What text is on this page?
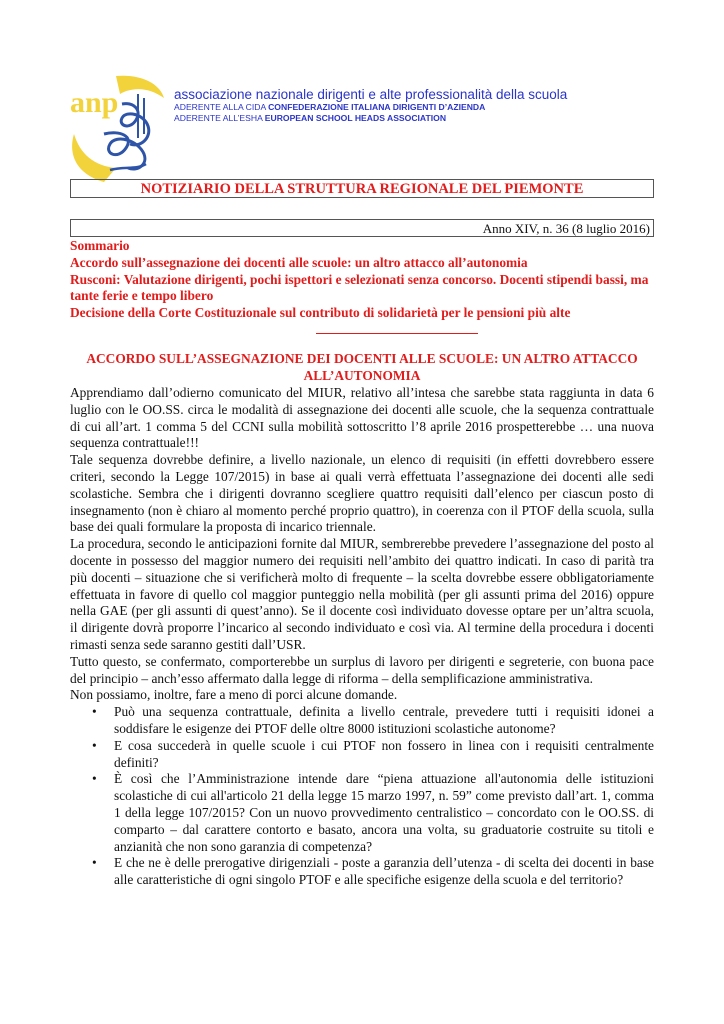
anp	associazione nazionale dirigenti e alte professionalità della scuola
ADERENTE ALLA CIDA CONFEDERAZIONE ITALIANA DIRIGENTI D’AZIENDA
ADERENTE ALL’ESHA EUROPEAN SCHOOL HEADS ASSOCIATION
NOTIZIARIO DELLA STRUTTURA REGIONALE DEL PIEMONTE
Anno XIV, n. 36 (8 luglio 2016)
Sommario
Accordo sull’assegnazione dei docenti alle scuole: un altro attacco all’autonomia
Rusconi: Valutazione dirigenti, pochi ispettori e selezionati senza concorso. Docenti stipendi bassi, ma tante ferie e tempo libero
Decisione della Corte Costituzionale sul contributo di solidarietà per le pensioni più alte
ACCORDO SULL’ASSEGNAZIONE DEI DOCENTI ALLE SCUOLE: UN ALTRO ATTACCO ALL’AUTONOMIA

Apprendiamo dall’odierno comunicato del MIUR, relativo all’intesa che sarebbe stata raggiunta in data 6 luglio con le OO.SS. circa le modalità di assegnazione dei docenti alle scuole, che la sequenza contrattuale di cui all’art. 1 comma 5 del CCNI sulla mobilità sottoscritto l’8 aprile 2016 prospetterebbe … una nuova sequenza contrattuale!!!

Tale sequenza dovrebbe definire, a livello nazionale, un elenco di requisiti (in effetti dovrebbero essere criteri, secondo la Legge 107/2015) in base ai quali verrà effettuata l’assegnazione dei docenti alle sedi scolastiche. Sembra che i dirigenti dovranno scegliere quattro requisiti dall’elenco per ciascun posto di insegnamento (non è chiaro al momento perché proprio quattro), in coerenza con il PTOF della scuola, sulla base dei quali formulare la proposta di incarico triennale.

La procedura, secondo le anticipazioni fornite dal MIUR, sembrerebbe prevedere l’assegnazione del posto al docente in possesso del maggior numero dei requisiti nell’ambito dei quattro indicati. In caso di parità tra più docenti – situazione che si verificherà molto di frequente – la scelta dovrebbe essere obbligatoriamente effettuata in favore di quello col maggior punteggio nella mobilità (per gli assunti prima del 2016) oppure nella GAE (per gli assunti di quest’anno). Se il docente così individuato dovesse optare per un’altra scuola, il dirigente dovrà proporre l’incarico al secondo individuato e così via. Al termine della procedura i docenti rimasti senza sede saranno gestiti dall’USR.

Tutto questo, se confermato, comporterebbe un surplus di lavoro per dirigenti e segreterie, con buona pace del principio – anch’esso affermato dalla legge di riforma – della semplificazione amministrativa.

Non possiamo, inoltre, fare a meno di porci alcune domande.

• Può una sequenza contrattuale, definita a livello centrale, prevedere tutti i requisiti idonei a soddisfare le esigenze dei PTOF delle oltre 8000 istituzioni scolastiche autonome?
• E cosa succederà in quelle scuole i cui PTOF non fossero in linea con i requisiti centralmente definiti?
• È così che l’Amministrazione intende dare “piena attuazione all'autonomia delle istituzioni scolastiche di cui all'articolo 21 della legge 15 marzo 1997, n. 59” come previsto dall’art. 1, comma 1 della legge 107/2015? Con un nuovo provvedimento centralistico – concordato con le OO.SS. di comparto – dal carattere contorto e basato, ancora una volta, su graduatorie costruite su titoli e anzianità che non sono garanzia di competenza?
• E che ne è delle prerogative dirigenziali - poste a garanzia dell’utenza - di scelta dei docenti in base alle caratteristiche di ogni singolo PTOF e alle specifiche esigenze della scuola e del territorio?
